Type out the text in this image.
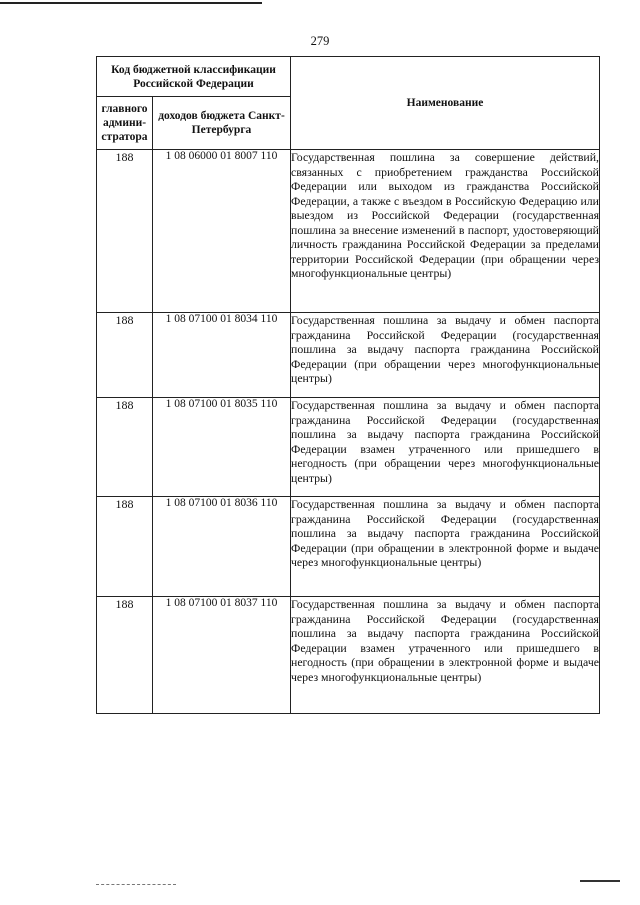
279
Код бюджетной классификации Российской Федерации		Наименование
главного админи-стратора	доходов бюджета Санкт-Петербурга	
188	1 08 06000 01 8007 110	Государственная пошлина за совершение действий, связанных с приобретением гражданства Российской Федерации или выходом из гражданства Российской Федерации, а также с въездом в Российскую Федерацию или выездом из Российской Федерации (государственная пошлина за внесение изменений в паспорт, удостоверяющий личность гражданина Российской Федерации за пределами территории Российской Федерации (при обращении через многофункциональные центры)
188	1 08 07100 01 8034 110	Государственная пошлина за выдачу и обмен паспорта гражданина Российской Федерации (государственная пошлина за выдачу паспорта гражданина Российской Федерации (при обращении через многофункциональные центры)
188	1 08 07100 01 8035 110	Государственная пошлина за выдачу и обмен паспорта гражданина Российской Федерации (государственная пошлина за выдачу паспорта гражданина Российской Федерации взамен утраченного или пришедшего в негодность (при обращении через многофункциональные центры)
188	1 08 07100 01 8036 110	Государственная пошлина за выдачу и обмен паспорта гражданина Российской Федерации (государственная пошлина за выдачу паспорта гражданина Российской Федерации (при обращении в электронной форме и выдаче через многофункциональные центры)
188	1 08 07100 01 8037 110	Государственная пошлина за выдачу и обмен паспорта гражданина Российской Федерации (государственная пошлина за выдачу паспорта гражданина Российской Федерации взамен утраченного или пришедшего в негодность (при обращении в электронной форме и выдаче через многофункциональные центры)
